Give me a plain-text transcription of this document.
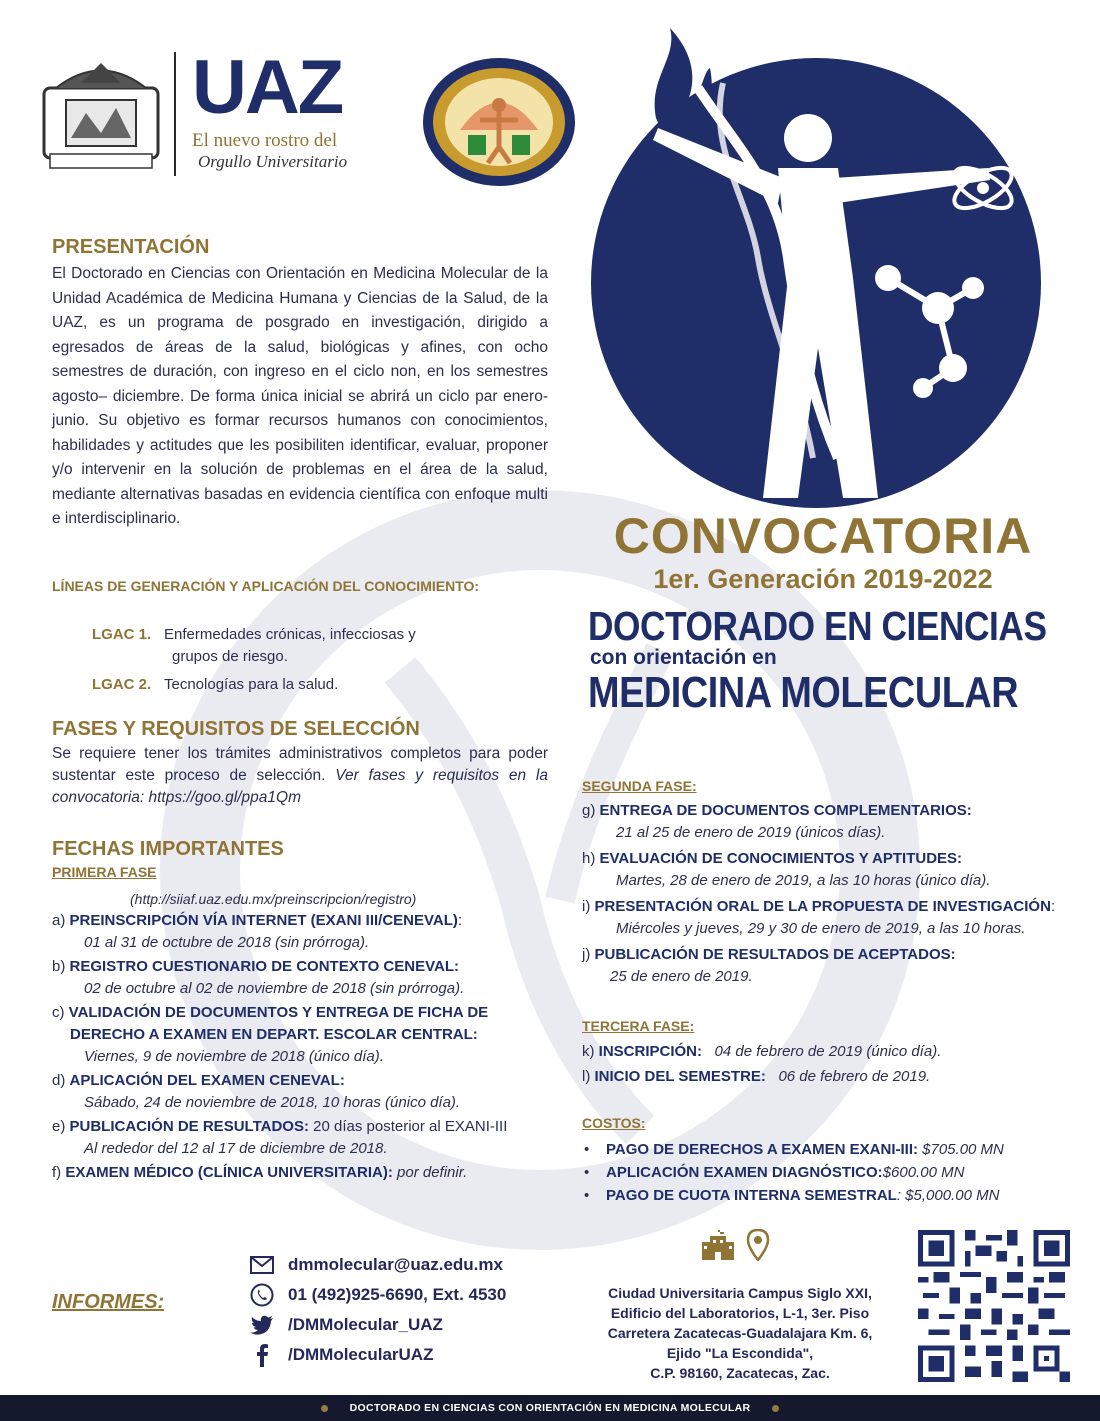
UAZ
El nuevo rostro del
Orgullo Universitario
PRESENTACIÓN
El Doctorado en Ciencias con Orientación en Medicina Molecular de la Unidad Académica de Medicina Humana y Ciencias de la Salud, de la UAZ, es un programa de posgrado en investigación, dirigido a egresados de áreas de la salud, biológicas y afines, con ocho semestres de duración, con ingreso en el ciclo non, en los semestres agosto– diciembre. De forma única inicial se abrirá un ciclo par enero-junio. Su objetivo es formar recursos humanos con conocimientos, habilidades y actitudes que les posibiliten identificar, evaluar, proponer y/o intervenir en la solución de problemas en el área de la salud, mediante alternativas basadas en evidencia científica con enfoque multi e interdisciplinario.
LÍNEAS DE GENERACIÓN Y APLICACIÓN DEL CONOCIMIENTO:
LGAC 1. Enfermedades crónicas, infecciosas y
grupos de riesgo.
LGAC 2. Tecnologías para la salud.
FASES Y REQUISITOS DE SELECCIÓN
Se requiere tener los trámites administrativos completos para poder sustentar este proceso de selección. Ver fases y requisitos en la convocatoria: https://goo.gl/ppa1Qm
FECHAS IMPORTANTES
PRIMERA FASE
(http://siiaf.uaz.edu.mx/preinscripcion/registro)
a) PREINSCRIPCIÓN VÍA INTERNET (EXANI III/CENEVAL):
01 al 31 de octubre de 2018 (sin prórroga).
b) REGISTRO CUESTIONARIO DE CONTEXTO CENEVAL:
02 de octubre al 02 de noviembre de 2018 (sin prórroga).
c) VALIDACIÓN DE DOCUMENTOS Y ENTREGA DE FICHA DE
DERECHO A EXAMEN EN DEPART. ESCOLAR CENTRAL:
Viernes, 9 de noviembre de 2018 (único día).
d) APLICACIÓN DEL EXAMEN CENEVAL:
Sábado, 24 de noviembre de 2018, 10 horas (único día).
e) PUBLICACIÓN DE RESULTADOS: 20 días posterior al EXANI-III
Al rededor del 12 al 17 de diciembre de 2018.
f) EXAMEN MÉDICO (CLÍNICA UNIVERSITARIA): por definir.
CONVOCATORIA
1er. Generación 2019-2022
DOCTORADO EN CIENCIAS
con orientación en
MEDICINA MOLECULAR
SEGUNDA FASE:
g) ENTREGA DE DOCUMENTOS COMPLEMENTARIOS:
21 al 25 de enero de 2019 (únicos días).
h) EVALUACIÓN DE CONOCIMIENTOS Y APTITUDES:
Martes, 28 de enero de 2019, a las 10 horas (único día).
i) PRESENTACIÓN ORAL DE LA PROPUESTA DE INVESTIGACIÓN:
Miércoles y jueves, 29 y 30 de enero de 2019, a las 10 horas.
j) PUBLICACIÓN DE RESULTADOS DE ACEPTADOS:
25 de enero de 2019.
TERCERA FASE:
k) INSCRIPCIÓN: 04 de febrero de 2019 (único día).
l) INICIO DEL SEMESTRE: 06 de febrero de 2019.
COSTOS:
• PAGO DE DERECHOS A EXAMEN EXANI-III: $705.00 MN
• APLICACIÓN EXAMEN DIAGNÓSTICO:$600.00 MN
• PAGO DE CUOTA INTERNA SEMESTRAL: $5,000.00 MN
INFORMES:
dmmolecular@uaz.edu.mx
01 (492)925-6690, Ext. 4530
/DMMolecular_UAZ
/DMMolecularUAZ
Ciudad Universitaria Campus Siglo XXI,
Edificio del Laboratorios, L-1, 3er. Piso
Carretera Zacatecas-Guadalajara Km. 6,
Ejido "La Escondida",
C.P. 98160, Zacatecas, Zac.
DOCTORADO EN CIENCIAS CON ORIENTACIÓN EN MEDICINA MOLECULAR
